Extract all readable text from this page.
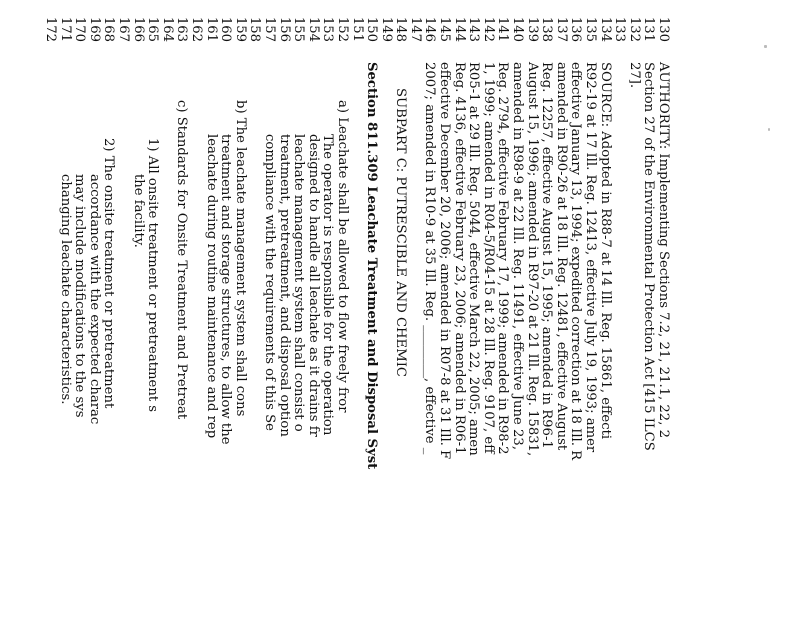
130
131
132
133
134
135
136
137
138
139
140
141
142
143
144
145
146
147
148
149
150
151
152
153
154
155
156
157
158
159
160
161
162
163
164
165
166
167
168
169
170
171
172
AUTHORITY: Implementing Sections 7.2, 21, 21.1, 22, 2
Section 27 of the Environmental Protection Act [415 ILCS
27].
SOURCE: Adopted in R88-7 at 14 Ill. Reg. 15861, effecti
R92-19 at 17 Ill. Reg. 12413, effective July 19, 1993; amer
effective January 13, 1994; expedited correction at 18 Ill. R
amended in R90-26 at 18 Ill. Reg. 12481, effective August
Reg. 12257, effective August 15, 1995; amended in R96-1
August 15, 1996; amended in R97-20 at 21 Ill. Reg. 15831,
amended in R98-9 at 22 Ill. Reg. 11491, effective June 23,
Reg. 2794, effective February 17, 1999; amended in R98-2
1, 1999; amended in R04-5/R04-15 at 28 Ill. Reg. 9107, eff
R05-1 at 29 Ill. Reg. 5044, effective March 22, 2005; amen
Reg. 4136, effective February 23, 2006; amended in R06-1
effective December 20, 2006; amended in R07-8 at 31 Ill. F
2007; amended in R10-9 at 35 Ill. Reg. ________, effective _
SUBPART C: PUTRESCIBLE AND CHEMIC
Section 811.309 Leachate Treatment and Disposal Syst
a) Leachate shall be allowed to flow freely fror
The operator is responsible for the operation
designed to handle all leachate as it drains fr
leachate management system shall consist o
treatment, pretreatment, and disposal option
compliance with the requirements of this Se
b) The leachate management system shall cons
treatment and storage structures, to allow the
leachate during routine maintenance and rep
c) Standards for Onsite Treatment and Pretreat
1) All onsite treatment or pretreatment s
the facility.
2) The onsite treatment or pretreatment
accordance with the expected charac
may include modifications to the sys
changing leachate characteristics.
